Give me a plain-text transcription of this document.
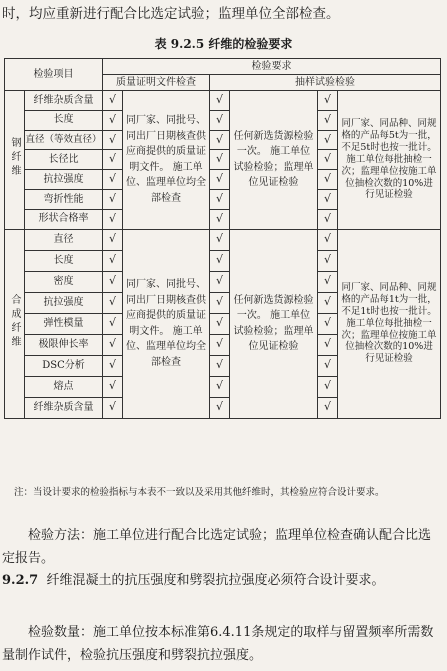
时，均应重新进行配合比选定试验；监理单位全部检查。
表 9.2.5 纤维的检验要求
检验项目		检验要求					
		质量证明文件检查		抽样试验检验			
钢纤维	纤维杂质含量	√	同厂家、同批号、同出厂日期核查供应商提供的质量证明文件。 施工单位、监理单位均全部检查	√	任何新选货源检验一次。 施工单位试验检验；监理单位见证检验	√	同厂家、同品种、同规格的产品每5t为一批，不足5t时也按一批计。 施工单位每批抽检一次；监理单位按施工单位抽检次数的10%进行见证检验
	长度	√		√		√	
	直径（等效直径）	√		√		√	
	长径比	√		√		√	
	抗拉强度	√		√		√	
	弯折性能	√		√		√	
	形状合格率	√		√		√	
合成纤维	直径	√	同厂家、同批号、同出厂日期核查供应商提供的质量证明文件。 施工单位、监理单位均全部检查	√	任何新选货源检验一次。 施工单位试验检验；监理单位见证检验	√	同厂家、同品种、同规格的产品每1t为一批，不足1t时也按一批计。 施工单位每批抽检一次；监理单位按施工单位抽检次数的10%进行见证检验
	长度	√		√		√	
	密度	√		√		√	
	抗拉强度	√		√		√	
	弹性模量	√		√		√	
	极限伸长率	√		√		√	
	DSC分析	√		√		√	
	熔点	√		√		√	
	纤维杂质含量	√		√		√	
注：当设计要求的检验指标与本表不一致以及采用其他纤维时，其检验应符合设计要求。
检验方法：施工单位进行配合比选定试验；监理单位检查确认配合比选定报告。
9.2.7 纤维混凝土的抗压强度和劈裂抗拉强度必须符合设计要求。
检验数量：施工单位按本标准第6.4.11条规定的取样与留置频率所需数量制作试件，检验抗压强度和劈裂抗拉强度。
